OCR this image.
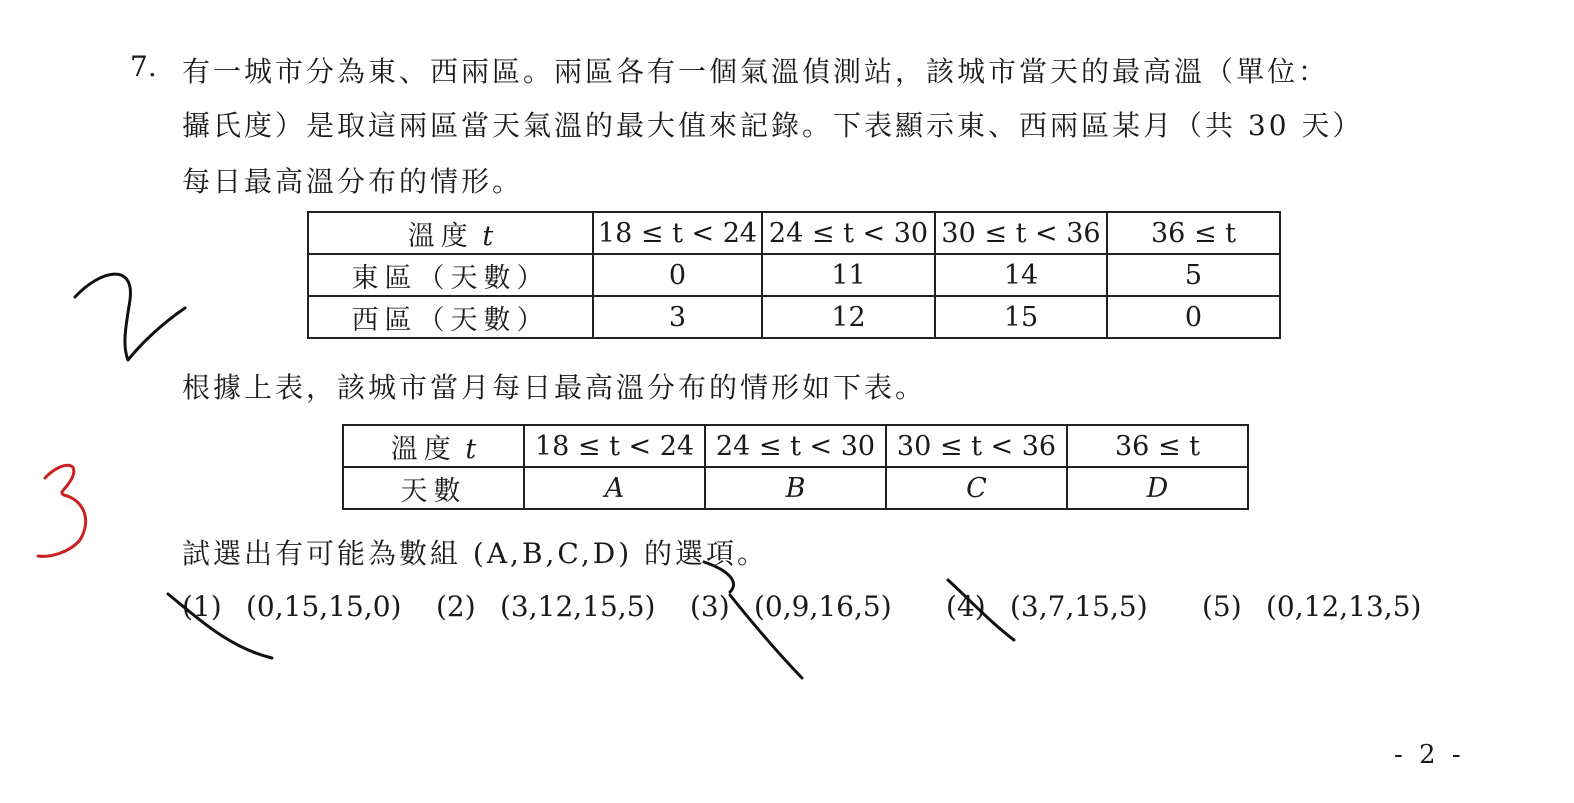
7. 有一城市分為東、西兩區。兩區各有一個氣溫偵測站，該城市當天的最高溫（單位：
攝氏度）是取這兩區當天氣溫的最大值來記錄。下表顯示東、西兩區某月（共 30 天）
每日最高溫分布的情形。
溫度 t	18 ≤ t < 24	24 ≤ t < 30	30 ≤ t < 36	36 ≤ t
東區（天數）	0	11	14	5
西區（天數）	3	12	15	0
根據上表，該城市當月每日最高溫分布的情形如下表。
溫度 t	18 ≤ t < 24	24 ≤ t < 30	30 ≤ t < 36	36 ≤ t
天數	A	B	C	D
試選出有可能為數組 (A,B,C,D) 的選項。
(1) (0,15,15,0) (2) (3,12,15,5) (3) (0,9,16,5) (4) (3,7,15,5) (5) (0,12,13,5)
- 2 -
